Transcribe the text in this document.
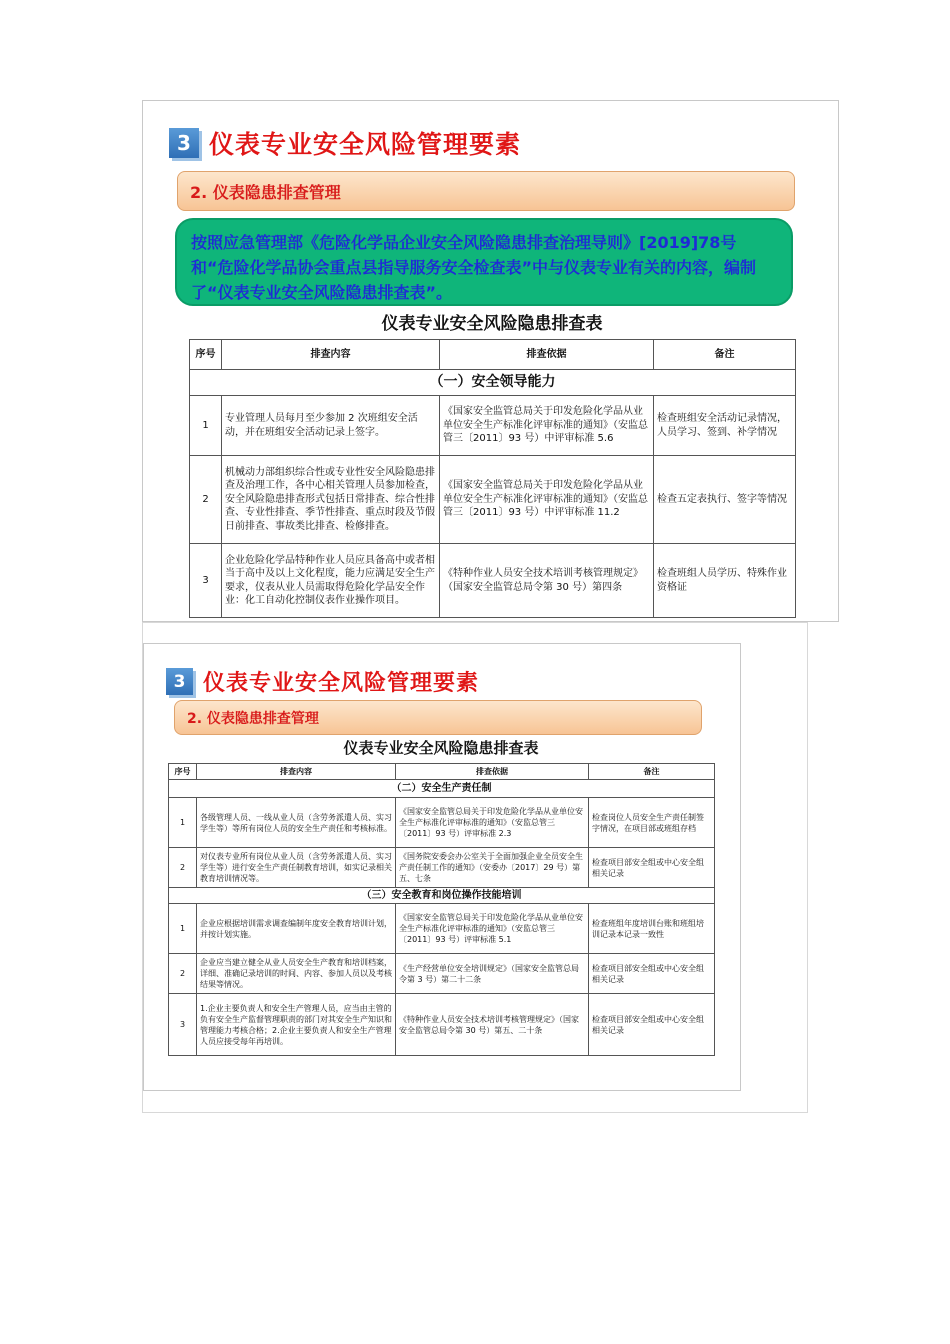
3 仪表专业安全风险管理要素
2. 仪表隐患排查管理
按照应急管理部《危险化学品企业安全风险隐患排查治理导则》[2019]78号和“危险化学品协会重点县指导服务安全检查表”中与仪表专业有关的内容，编制了“仪表专业安全风险隐患排查表”。
仪表专业安全风险隐患排查表
序号	排查内容	排查依据	备注
（一）安全领导能力			
1	专业管理人员每月至少参加 2 次班组安全活动，并在班组安全活动记录上签字。	《国家安全监管总局关于印发危险化学品从业单位安全生产标准化评审标准的通知》（安监总管三〔2011〕93 号）中评审标准 5.6	检查班组安全活动记录情况，人员学习、签到、补学情况
2	机械动力部组织综合性或专业性安全风险隐患排查及治理工作，各中心相关管理人员参加检查，安全风险隐患排查形式包括日常排查、综合性排查、专业性排查、季节性排查、重点时段及节假日前排查、事故类比排查、检修排查。	《国家安全监管总局关于印发危险化学品从业单位安全生产标准化评审标准的通知》（安监总管三〔2011〕93 号）中评审标准 11.2	检查五定表执行、签字等情况
3	企业危险化学品特种作业人员应具备高中或者相当于高中及以上文化程度，能力应满足安全生产要求，仪表从业人员需取得危险化学品安全作业：化工自动化控制仪表作业操作项目。	《特种作业人员安全技术培训考核管理规定》（国家安全监管总局令第 30 号）第四条	检查班组人员学历、特殊作业资格证
3 仪表专业安全风险管理要素
2. 仪表隐患排查管理
仪表专业安全风险隐患排查表
序号	排查内容	排查依据	备注
（二）安全生产责任制			
1	各级管理人员、一线从业人员（含劳务派遣人员、实习学生等）等所有岗位人员的安全生产责任和考核标准。	《国家安全监管总局关于印发危险化学品从业单位安全生产标准化评审标准的通知》（安监总管三〔2011〕93 号）评审标准 2.3	检查岗位人员安全生产责任制签字情况，在项目部或班组存档
2	对仪表专业所有岗位从业人员（含劳务派遣人员、实习学生等）进行安全生产责任制教育培训，如实记录相关教育培训情况等。	《国务院安委会办公室关于全面加强企业全员安全生产责任制工作的通知》（安委办〔2017〕29 号）第五、七条	检查项目部安全组或中心安全组相关记录
（三）安全教育和岗位操作技能培训			
1	企业应根据培训需求调查编制年度安全教育培训计划，并按计划实施。	《国家安全监管总局关于印发危险化学品从业单位安全生产标准化评审标准的通知》（安监总管三〔2011〕93 号）评审标准 5.1	检查班组年度培训台账和班组培训记录本记录一致性
2	企业应当建立健全从业人员安全生产教育和培训档案，详细、准确记录培训的时间、内容、参加人员以及考核结果等情况。	《生产经营单位安全培训规定》（国家安全监管总局令第 3 号）第二十二条	检查项目部安全组或中心安全组相关记录
3	1.企业主要负责人和安全生产管理人员，应当由主管的负有安全生产监督管理职责的部门对其安全生产知识和管理能力考核合格；2.企业主要负责人和安全生产管理人员应接受每年再培训。	《特种作业人员安全技术培训考核管理规定》（国家安全监管总局令第 30 号）第五、二十条	检查项目部安全组或中心安全组相关记录
